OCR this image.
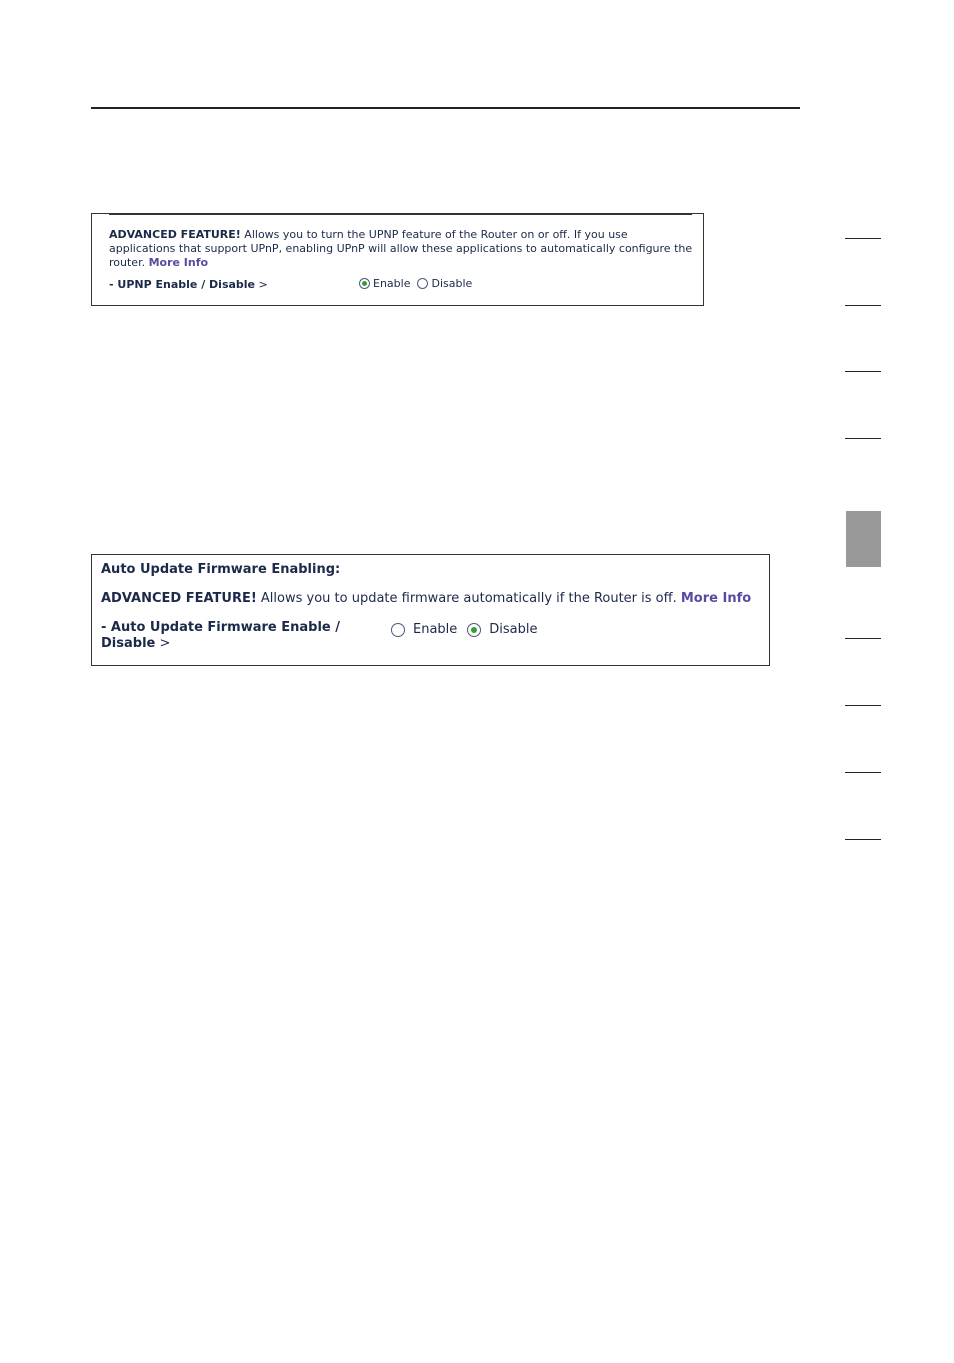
ADVANCED FEATURE! Allows you to turn the UPNP feature of the Router on or off. If you use applications that support UPnP, enabling UPnP will allow these applications to automatically configure the router. More Info
- UPNP Enable / Disable >	Enable Disable
Auto Update Firmware Enabling:
ADVANCED FEATURE! Allows you to update firmware automatically if the Router is off. More Info
- Auto Update Firmware Enable /
Disable >
Enable Disable
